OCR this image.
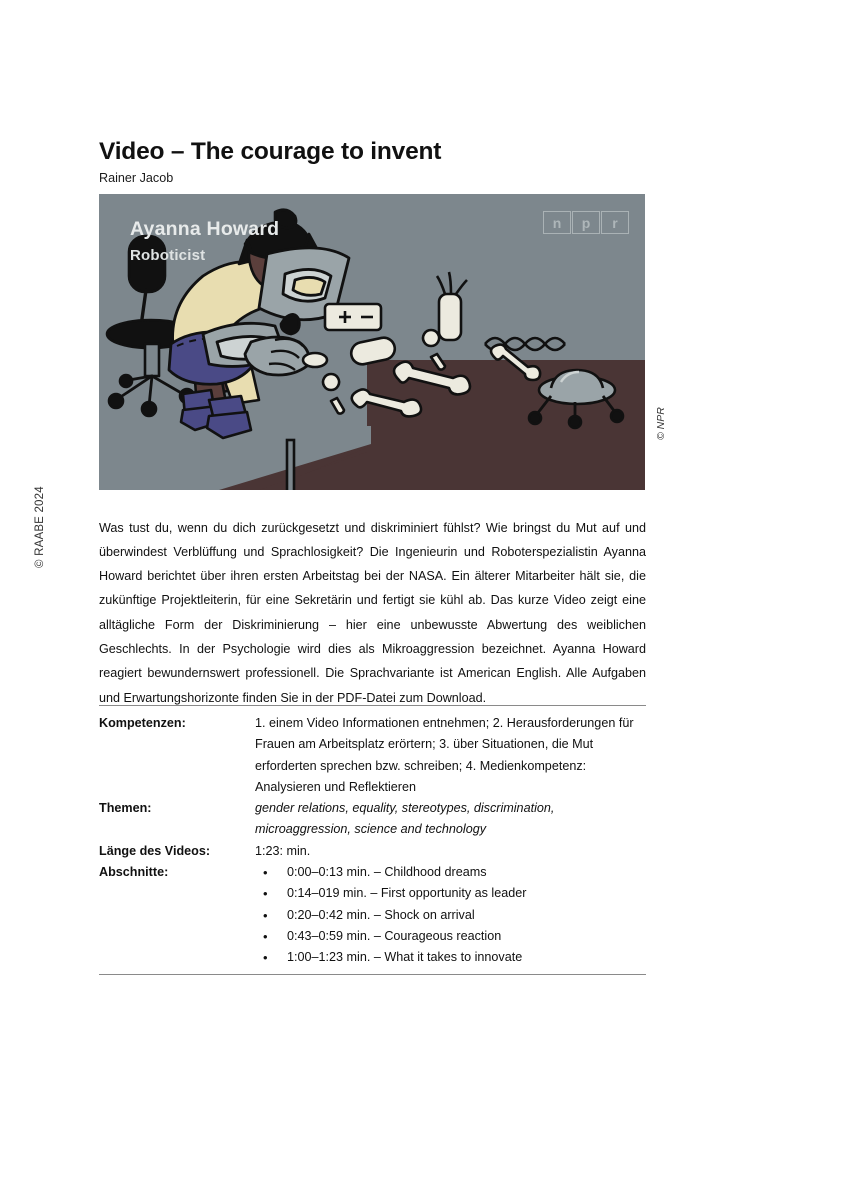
© RAABE 2024
Video – The courage to invent
Rainer Jacob
Ayanna Howard
Roboticist
n	p	r
© NPR

Was tust du, wenn du dich zurückgesetzt und diskriminiert fühlst? Wie bringst du Mut auf und überwindest Verblüffung und Sprachlosigkeit? Die Ingenieurin und Roboterspezialistin Ayanna Howard berichtet über ihren ersten Arbeitstag bei der NASA. Ein älterer Mitarbeiter hält sie, die zukünftige Projektleiterin, für eine Sekretärin und fertigt sie kühl ab. Das kurze Video zeigt eine alltägliche Form der Diskriminierung – hier eine unbewusste Abwertung des weiblichen Geschlechts. In der Psychologie wird dies als Mikroaggression bezeichnet. Ayanna Howard reagiert bewundernswert professionell. Die Sprachvariante ist American English. Alle Aufgaben und Erwartungshorizonte finden Sie in der PDF-Datei zum Download.

Kompetenzen:	1. einem Video Informationen entnehmen; 2. Herausforderungen für Frauen am Arbeitsplatz erörtern; 3. über Situationen, die Mut erforderten sprechen bzw. schreiben; 4. Medienkompetenz: Analysieren und Reflektieren
Themen:	gender relations, equality, stereotypes, discrimination, microaggression, science and technology
Länge des Videos:	1:23: min.
Abschnitte:	• 0:00–0:13 min. – Childhood dreams
• 0:14–019 min. – First opportunity as leader
• 0:20–0:42 min. – Shock on arrival
• 0:43–0:59 min. – Courageous reaction
• 1:00–1:23 min. – What it takes to innovate
